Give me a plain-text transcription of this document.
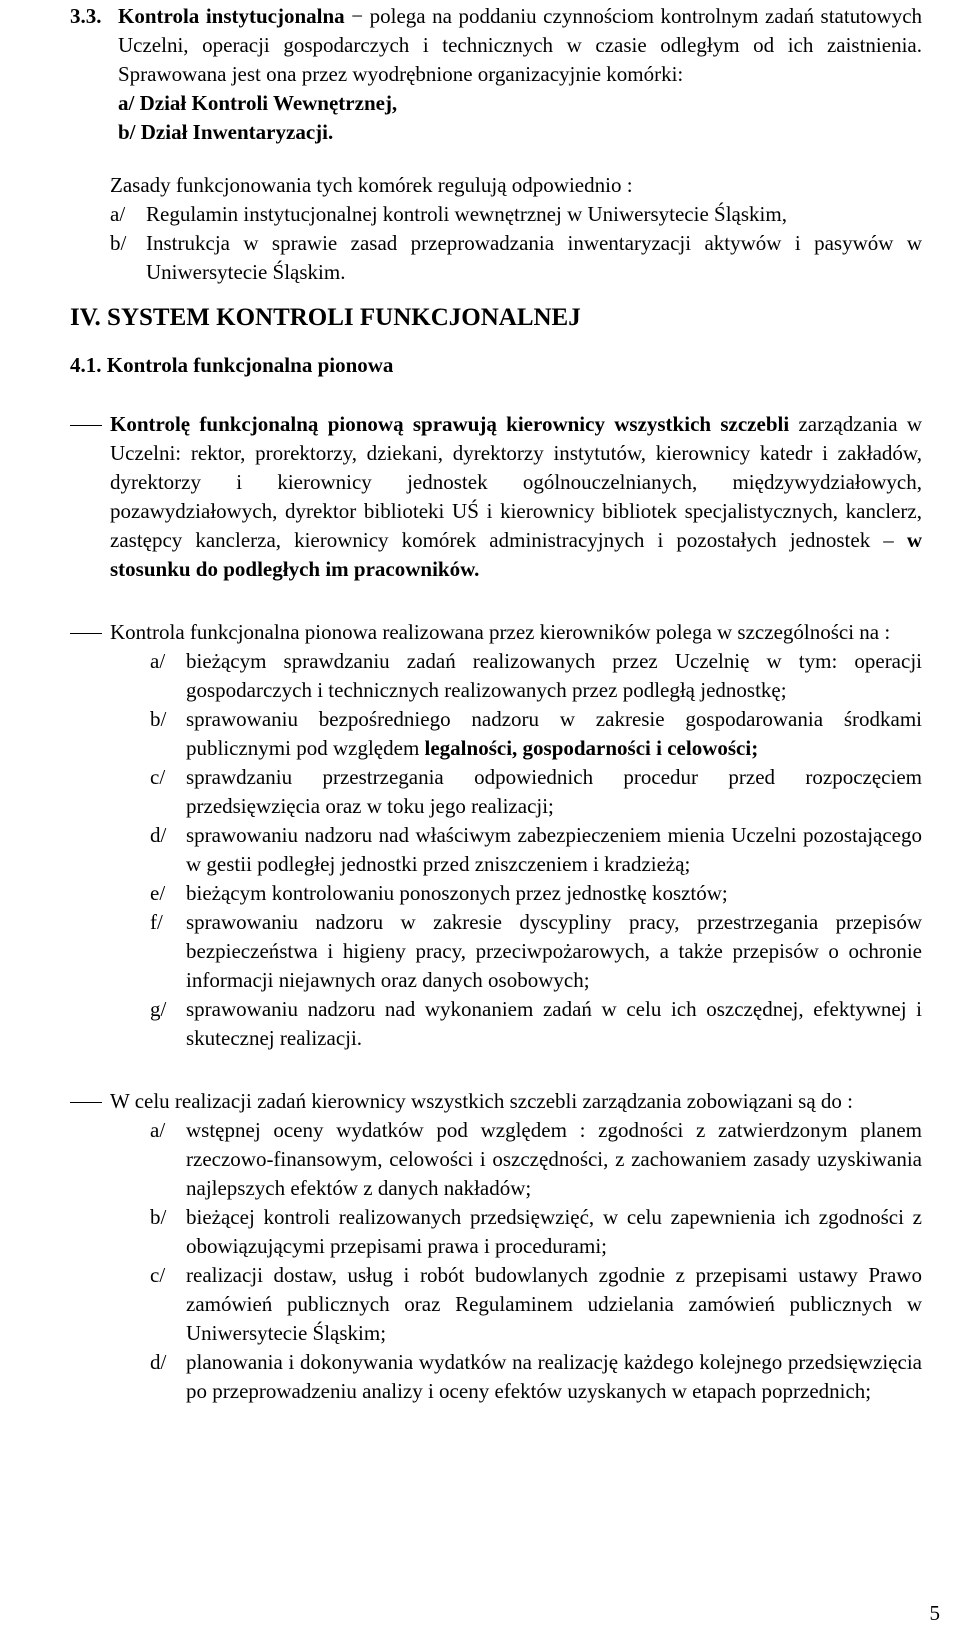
3.3. Kontrola instytucjonalna − polega na poddaniu czynnościom kontrolnym zadań statutowych Uczelni, operacji gospodarczych i technicznych w czasie odległym od ich zaistnienia. Sprawowana jest ona przez wyodrębnione organizacyjnie komórki:
a/ Dział Kontroli Wewnętrznej,
b/ Dział Inwentaryzacji.
Zasady funkcjonowania tych komórek regulują odpowiednio :
a/ Regulamin instytucjonalnej kontroli wewnętrznej w Uniwersytecie Śląskim,
b/ Instrukcja w sprawie zasad przeprowadzania inwentaryzacji aktywów i pasywów w Uniwersytecie Śląskim.
IV. SYSTEM KONTROLI FUNKCJONALNEJ
4.1. Kontrola funkcjonalna pionowa
Kontrolę funkcjonalną pionową sprawują kierownicy wszystkich szczebli zarządzania w Uczelni: rektor, prorektorzy, dziekani, dyrektorzy instytutów, kierownicy katedr i zakładów, dyrektorzy i kierownicy jednostek ogólnouczelnianych, międzywydziałowych, pozawydziałowych, dyrektor biblioteki UŚ i kierownicy bibliotek specjalistycznych, kanclerz, zastępcy kanclerza, kierownicy komórek administracyjnych i pozostałych jednostek – w stosunku do podległych im pracowników.
Kontrola funkcjonalna pionowa realizowana przez kierowników polega w szczególności na :
a/ bieżącym sprawdzaniu zadań realizowanych przez Uczelnię w tym: operacji gospodarczych i technicznych realizowanych przez podległą jednostkę;
b/ sprawowaniu bezpośredniego nadzoru w zakresie gospodarowania środkami publicznymi pod względem legalności, gospodarności i celowości;
c/ sprawdzaniu przestrzegania odpowiednich procedur przed rozpoczęciem przedsięwzięcia oraz w toku jego realizacji;
d/ sprawowaniu nadzoru nad właściwym zabezpieczeniem mienia Uczelni pozostającego w gestii podległej jednostki przed zniszczeniem i kradzieżą;
e/ bieżącym kontrolowaniu ponoszonych przez jednostkę kosztów;
f/	sprawowaniu nadzoru w zakresie dyscypliny pracy, przestrzegania przepisów bezpieczeństwa i higieny pracy, przeciwpożarowych, a także przepisów o ochronie informacji niejawnych oraz danych osobowych;
g/ sprawowaniu nadzoru nad wykonaniem zadań w celu ich oszczędnej, efektywnej i skutecznej realizacji.
W celu realizacji zadań kierownicy wszystkich szczebli zarządzania zobowiązani są do :
a/ wstępnej oceny wydatków pod względem : zgodności z zatwierdzonym planem rzeczowo-finansowym, celowości i oszczędności, z zachowaniem zasady uzyskiwania najlepszych efektów z danych nakładów;
b/ bieżącej kontroli realizowanych przedsięwzięć, w celu zapewnienia ich zgodności z obowiązującymi przepisami prawa i procedurami;
c/ realizacji dostaw, usług i robót budowlanych zgodnie z przepisami ustawy Prawo zamówień publicznych oraz Regulaminem udzielania zamówień publicznych w Uniwersytecie Śląskim;
d/ planowania i dokonywania wydatków na realizację każdego kolejnego przedsięwzięcia po przeprowadzeniu analizy i oceny efektów uzyskanych w etapach poprzednich;
5
